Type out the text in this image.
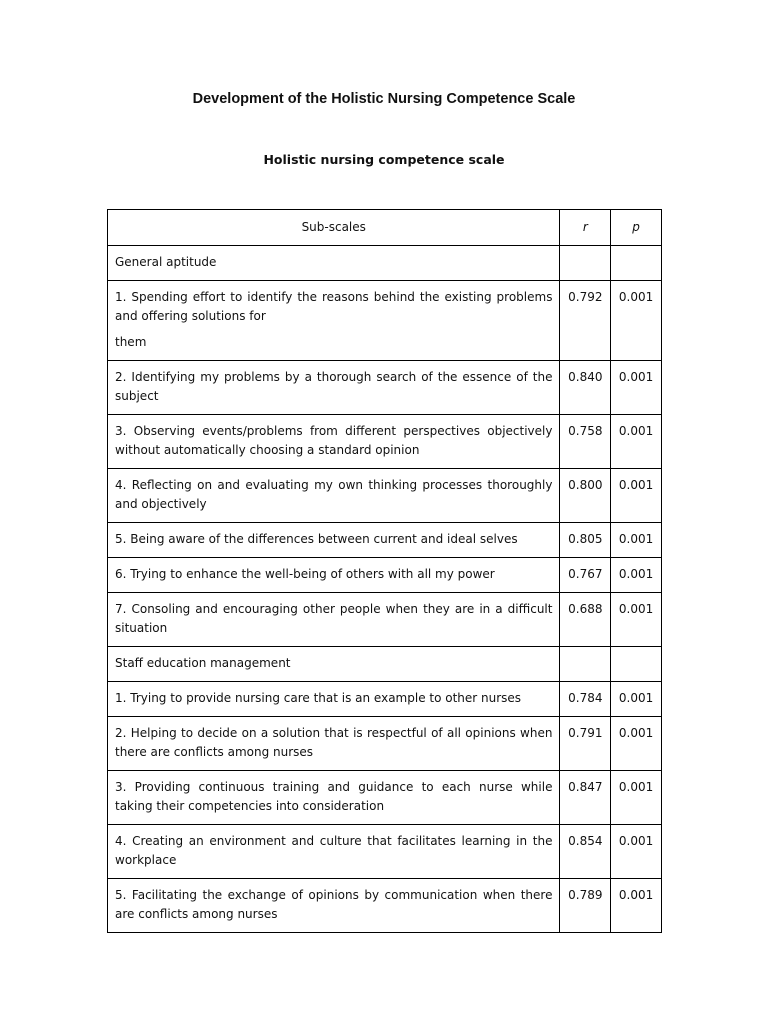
Development of the Holistic Nursing Competence Scale
Holistic nursing competence scale
Sub-scales	r	p
General aptitude		
1. Spending effort to identify the reasons behind the existing problems and offering solutions for
them	0.792	0.001
2. Identifying my problems by a thorough search of the essence of the subject	0.840	0.001
3. Observing events/problems from different perspectives objectively without automatically choosing a standard opinion	0.758	0.001
4. Reflecting on and evaluating my own thinking processes thoroughly and objectively	0.800	0.001
5. Being aware of the differences between current and ideal selves	0.805	0.001
6. Trying to enhance the well-being of others with all my power	0.767	0.001
7. Consoling and encouraging other people when they are in a difficult situation	0.688	0.001
Staff education management		
1. Trying to provide nursing care that is an example to other nurses	0.784	0.001
2. Helping to decide on a solution that is respectful of all opinions when there are conflicts among nurses	0.791	0.001
3. Providing continuous training and guidance to each nurse while taking their competencies into consideration	0.847	0.001
4. Creating an environment and culture that facilitates learning in the workplace	0.854	0.001
5. Facilitating the exchange of opinions by communication when there are conflicts among nurses	0.789	0.001
